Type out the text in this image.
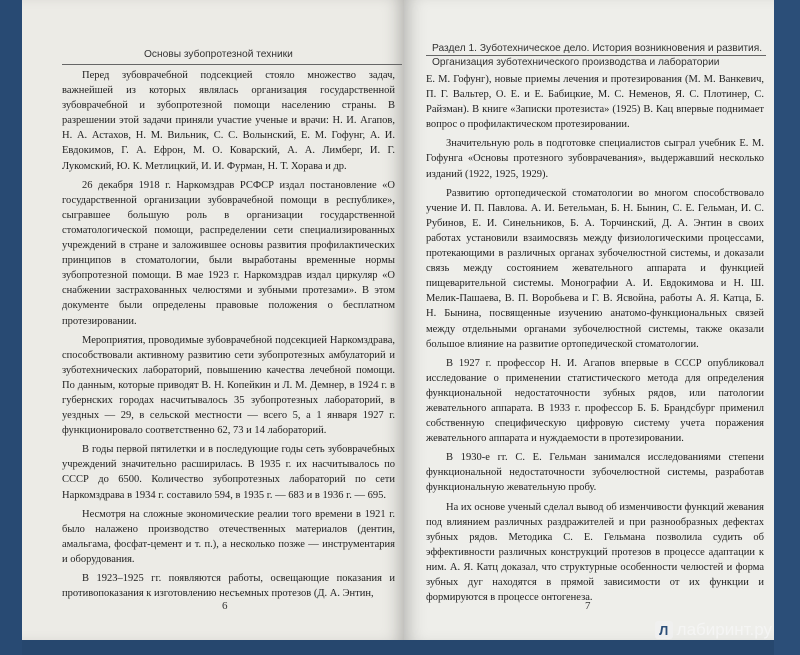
Основы зубопротезной техники

Перед зубоврачебной подсекцией стояло множество задач, важнейшей из которых являлась организация государственной зубоврачебной и зубопротезной помощи населению страны. В разрешении этой задачи приняли участие ученые и врачи: Н. И. Агапов, Н. А. Астахов, Н. М. Вильник, С. С. Волынский, Е. М. Гофунг, А. И. Евдокимов, Г. А. Ефрон, М. О. Коварский, А. А. Лимберг, И. Г. Лукомский, Ю. К. Метлицкий, И. И. Фурман, Н. Т. Хорава и др.

26 декабря 1918 г. Наркомздрав РСФСР издал постановление «О государственной организации зубоврачебной помощи в республике», сыгравшее большую роль в организации государственной стоматологической помощи, распределении сети специализированных учреждений в стране и заложившее основы развития профилактических принципов в стоматологии, были выработаны временные нормы зубопротезной помощи. В мае 1923 г. Наркомздрав издал циркуляр «О снабжении застрахованных челюстями и зубными протезами». В этом документе были определены правовые положения о бесплатном протезировании.

Мероприятия, проводимые зубоврачебной подсекцией Наркомздрава, способствовали активному развитию сети зубопротезных амбулаторий и зуботехнических лабораторий, повышению качества лечебной помощи. По данным, которые приводят В. Н. Копейкин и Л. М. Демнер, в 1924 г. в губернских городах насчитывалось 35 зубопротезных лабораторий, в уездных — 29, в сельской местности — всего 5, а 1 января 1927 г. функционировало соответственно 62, 73 и 14 лабораторий.

В годы первой пятилетки и в последующие годы сеть зубоврачебных учреждений значительно расширилась. В 1935 г. их насчитывалось по СССР до 6500. Количество зубопротезных лабораторий по сети Наркомздрава в 1934 г. составило 594, в 1935 г. — 683 и в 1936 г. — 695.

Несмотря на сложные экономические реалии того времени в 1921 г. было налажено производство отечественных материалов (дентин, амальгама, фосфат-цемент и т. п.), а несколько позже — инструментария и оборудования.

В 1923–1925 гг. появляются работы, освещающие показания и противопоказания к изготовлению несъемных протезов (Д. А. Энтин,

6
Раздел 1. Зуботехническое дело. История возникновения и развития.
Организация зуботехнического производства и лаборатории

Е. М. Гофунг), новые приемы лечения и протезирования (М. М. Ванкевич, П. Г. Вальтер, О. Е. и Е. Бабицкие, М. С. Неменов, Я. С. Плотинер, С. Райзман). В книге «Записки протезиста» (1925) В. Кац впервые поднимает вопрос о профилактическом протезировании.

Значительную роль в подготовке специалистов сыграл учебник Е. М. Гофунга «Основы протезного зубоврачевания», выдержавший несколько изданий (1922, 1925, 1929).

Развитию ортопедической стоматологии во многом способствовало учение И. П. Павлова. А. И. Бетельман, Б. Н. Бынин, С. Е. Гельман, И. С. Рубинов, Е. И. Синельников, Б. А. Торчинский, Д. А. Энтин в своих работах установили взаимосвязь между физиологическими процессами, протекающими в различных органах зубочелюстной системы, и доказали связь между состоянием жевательного аппарата и функцией пищеварительной системы. Монографии А. И. Евдокимова и Н. Ш. Мелик-Пашаева, В. П. Воробьева и Г. В. Ясвойна, работы А. Я. Катца, Б. Н. Бынина, посвященные изучению анатомо-функциональных связей между отдельными органами зубочелюстной системы, также оказали большое влияние на развитие ортопедической стоматологии.

В 1927 г. профессор Н. И. Агапов впервые в СССР опубликовал исследование о применении статистического метода для определения функциональной недостаточности зубных рядов, или патологии жевательного аппарата. В 1933 г. профессор Б. Б. Брандсбург применил собственную специфическую цифровую систему учета поражения жевательного аппарата и нуждаемости в протезировании.

В 1930-е гг. С. Е. Гельман занимался исследованиями степени функциональной недостаточности зубочелюстной системы, разработав функциональную жевательную пробу.

На их основе ученый сделал вывод об изменчивости функций жевания под влиянием различных раздражителей и при разнообразных дефектах зубных рядов. Методика С. Е. Гельмана позволила судить об эффективности различных конструкций протезов в процессе адаптации к ним. А. Я. Катц доказал, что структурные особенности челюстей и форма зубных дуг находятся в прямой зависимости от их функции и формируются в процессе онтогенеза.

7
Л лабиринт.ру
